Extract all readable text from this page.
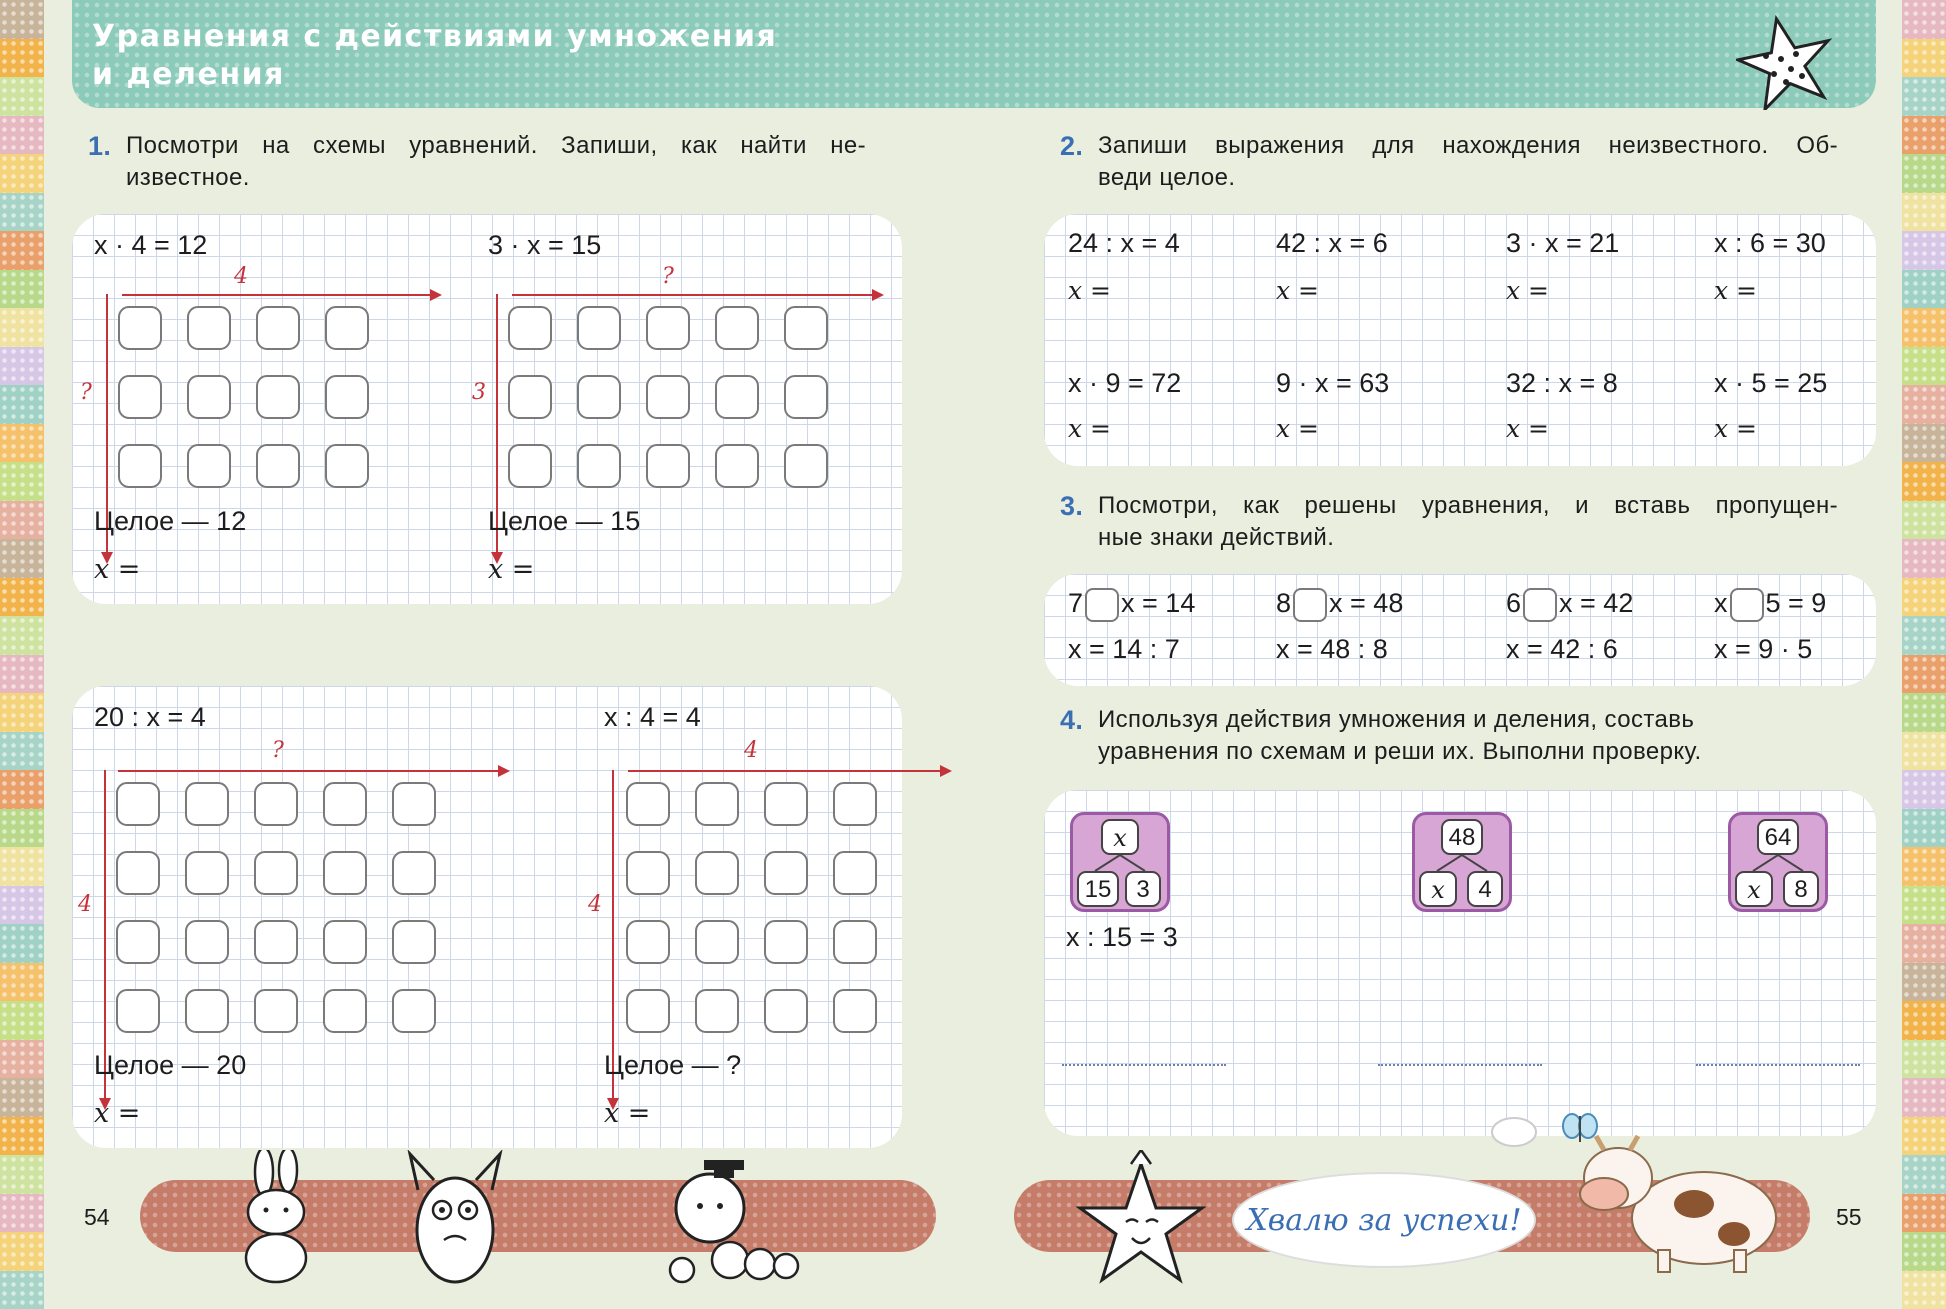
Уравнения с действиями умножения
и деления
1. Посмотри на схемы уравнений. Запиши, как найти не-
известное.
x · 4 = 12
4
?
Целое — 12
x =
3 · x = 15
?
3
Целое — 15
x =
20 : x = 4
?
4
Целое — 20
x =
x : 4 = 4
4
4
Целое — ?
x =
2. Запиши выражения для нахождения неизвестного. Об-
веди целое.
24 : x = 4	42 : x = 6	3 · x = 21	x : 6 = 30
x =	x =	x =	x =
x · 9 = 72	9 · x = 63	32 : x = 8	x · 5 = 25
x =	x =	x =	x =
3. Посмотри, как решены уравнения, и вставь пропущен-
ные знаки действий.
7 x = 14	8 x = 48	6 x = 42	x 5 = 9
x = 14 : 7	x = 48 : 8	x = 42 : 6	x = 9 · 5
4. Используя действия умножения и деления, составь
уравнения по схемам и реши их. Выполни проверку.
x
15	3
x : 15 = 3
48
x	4
64
x	8
54	55
Хвалю за успехи!
